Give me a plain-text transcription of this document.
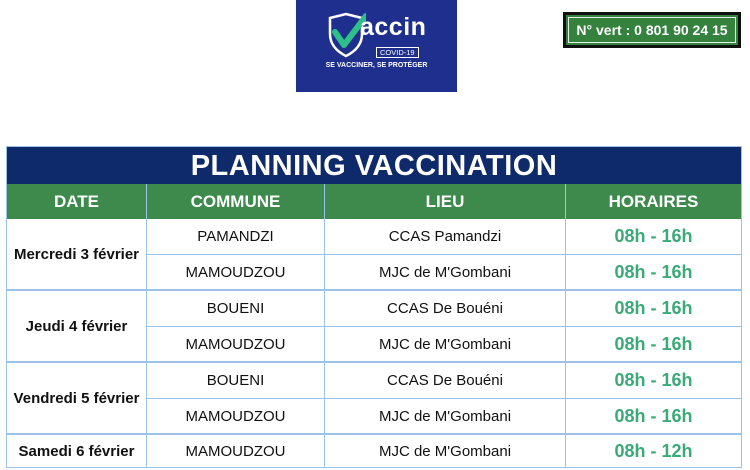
accin
COVID-19
SE VACCINER, SE PROTÉGER
N° vert : 0 801 90 24 15
PLANNING VACCINATION
DATE	COMMUNE	LIEU	HORAIRES
Mercredi 3 février
PAMANDZI	CCAS Pamandzi	08h - 16h
MAMOUDZOU	MJC de M'Gombani	08h - 16h
Jeudi 4 février
BOUENI	CCAS De Bouéni	08h - 16h
MAMOUDZOU	MJC de M'Gombani	08h - 16h
Vendredi 5 février
BOUENI	CCAS De Bouéni	08h - 16h
MAMOUDZOU	MJC de M'Gombani	08h - 16h
Samedi 6 février	MAMOUDZOU	MJC de M'Gombani	08h - 12h
